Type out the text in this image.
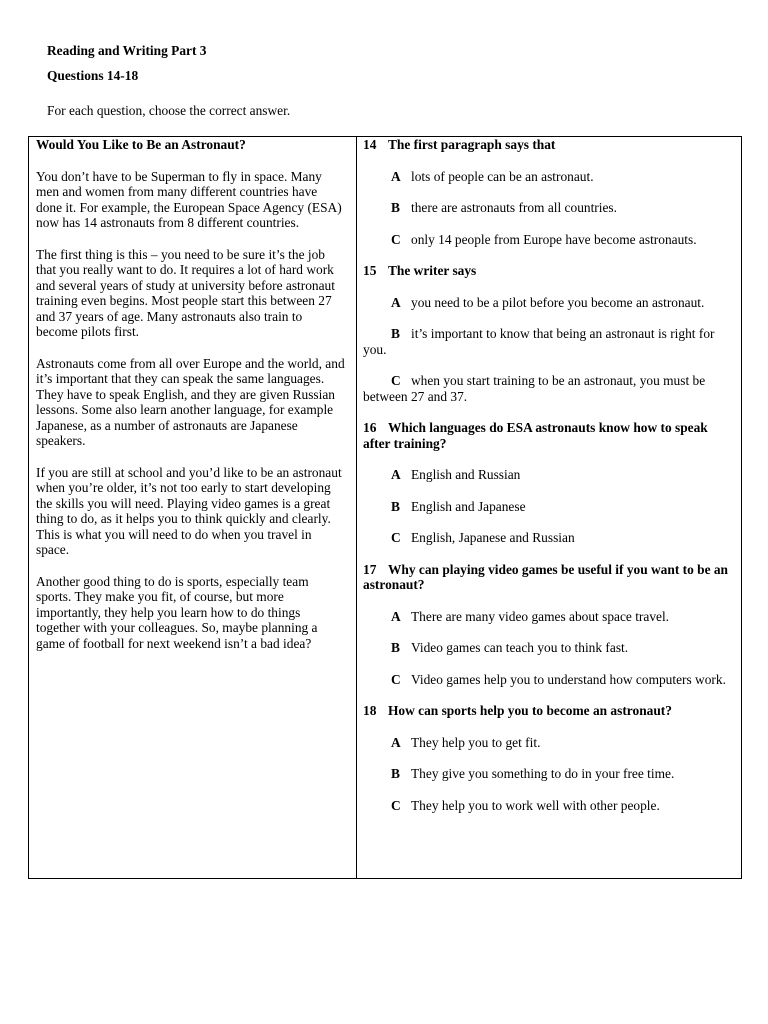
Reading and Writing Part 3
Questions 14-18
For each question, choose the correct answer.
Would You Like to Be an Astronaut?
You don’t have to be Superman to fly in space. Many men and women from many different countries have done it. For example, the European Space Agency (ESA) now has 14 astronauts from 8 different countries.
The first thing is this – you need to be sure it’s the job that you really want to do. It requires a lot of hard work and several years of study at university before astronaut training even begins. Most people start this between 27 and 37 years of age. Many astronauts also train to become pilots first.
Astronauts come from all over Europe and the world, and it’s important that they can speak the same languages. They have to speak English, and they are given Russian lessons. Some also learn another language, for example Japanese, as a number of astronauts are Japanese speakers.
If you are still at school and you’d like to be an astronaut when you’re older, it’s not too early to start developing the skills you will need. Playing video games is a great thing to do, as it helps you to think quickly and clearly. This is what you will need to do when you travel in space.
Another good thing to do is sports, especially team sports. They make you fit, of course, but more importantly, they help you learn how to do things together with your colleagues. So, maybe planning a game of football for next weekend isn’t a bad idea?
14 The first paragraph says that
A lots of people can be an astronaut.
B there are astronauts from all countries.
C only 14 people from Europe have become astronauts.
15 The writer says
A you need to be a pilot before you become an astronaut.
B it’s important to know that being an astronaut is right for you.
C when you start training to be an astronaut, you must be between 27 and 37.
16 Which languages do ESA astronauts know how to speak after training?
A English and Russian
B English and Japanese
C English, Japanese and Russian
17 Why can playing video games be useful if you want to be an astronaut?
A There are many video games about space travel.
B Video games can teach you to think fast.
C Video games help you to understand how computers work.
18 How can sports help you to become an astronaut?
A They help you to get fit.
B They give you something to do in your free time.
C They help you to work well with other people.
